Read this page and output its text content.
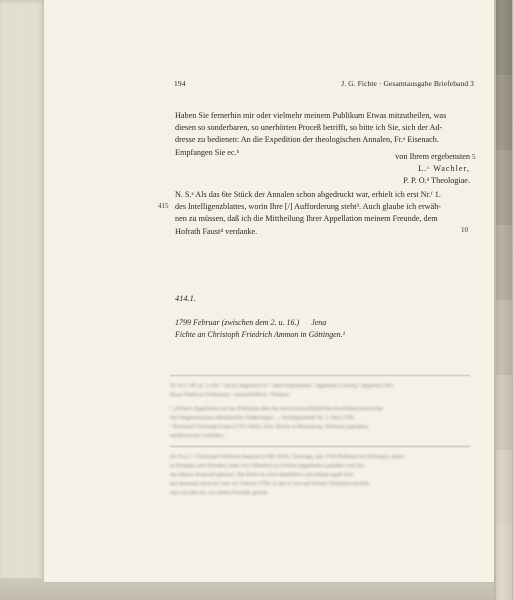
194	J. G. Fichte · Gesamtausgabe Briefeband 3
Haben Sie fernerhin mir oder vielmehr meinem Publikum Etwas mitzutheilen, was
diesen so sonderbaren, so unerhörten Proceß betrifft, so bitte ich Sie, sich der Ad-
dresse zu bedienen: An die Expedition der theologischen Annalen, Fr.ᵃ Eisenach.
Empfangen Sie ec.ᵇ	von Ihrem ergebensten
L.ᶜ Wachler,
P. P. O.ᵈ Theologiae.
5
N. S.ᵉ Als das 6te Stück der Annalen schon abgedruckt war, erhielt ich erst Nr.ᶠ 1.
des Intelligenzblattes, worin Ihre [/] Aufforderung steht³. Auch glaube ich erwäh-
nen zu müssen, daß ich die Mittheilung Ihrer Appellation meinem Freunde, dem
Hofrath Faust⁴ verdanke.
415
10
414.1.
1799 Februar (zwischen dem 2. u. 16.)      Jena
Fichte an Christoph Friedrich Ammon in Göttingen.¹
Zu 413, 5ff. (Z. 1-10): ᵃ davon abgekürzt Fr. ᵇ dem Ergebensten ᶜ abgekürzt Ludwig ᵈ abgekürzt Pro-
fessor Publicus Ordinarius ᵉ nachschriftlich ᶠ Numero
³ „Fichte's Appellation an das Publikum über die durch ein kurfürstliches Konfiskationsrescript
ihm beigemessenen atheistischen Äußerungen ..., Intelligenzblatt Nr. 1, Jena 1799.
⁴ Bernhard Christoph Faust (1755-1842), Arzt, Hofrat in Bückeburg, Verfasser populärer
medizinischer Schriften.
Zu 414,1: ¹ Christoph Friedrich Ammon (1766-1850), Theologe, seit 1794 Professor in Göttingen, später
in Erlangen und Dresden; hatte sich öffentlich zu Fichtes Appellation geäußert und ihn
um nähere Auskunft gebeten. Der Brief ist nicht überliefert; sein Inhalt ergibt sich
aus Ammons Antwort vom 16. Februar 1799, in der er sich auf Fichtes Schreiben bezieht
und von ihm als von einem Freunde spricht.
